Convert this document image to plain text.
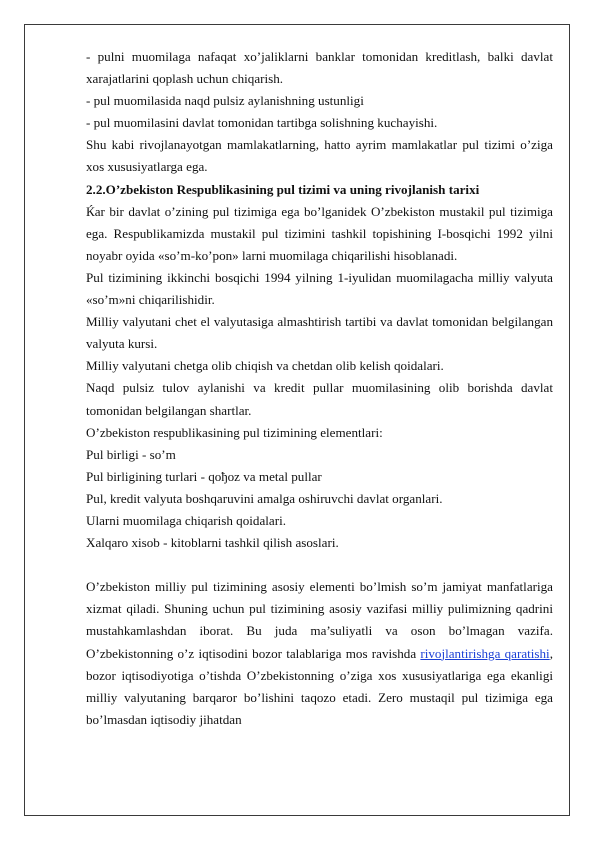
- pulni muomilaga nafaqat xo’jaliklarni banklar tomonidan kreditlash, balki davlat xarajatlarini qoplash uchun chiqarish.

- pul muomilasida naqd pulsiz aylanishning ustunligi

- pul muomilasini davlat tomonidan tartibga solishning kuchayishi.

Shu kabi rivojlanayotgan mamlakatlarning, hatto ayrim mamlakatlar pul tizimi o’ziga xos xususiyatlarga ega.

2.2.O’zbekiston Respublikasining pul tizimi va uning rivojlanish tarixi

Ќar bir davlat o’zining pul tizimiga ega bo’lganidek O’zbekiston mustakil pul tizimiga ega. Respublikamizda mustakil pul tizimini tashkil topishining I-bosqichi 1992 yilni noyabr oyida «so’m-ko’pon» larni muomilaga chiqarilishi hisoblanadi.

Pul tizimining ikkinchi bosqichi 1994 yilning 1-iyulidan muomilagacha milliy valyuta «so’m»ni chiqarilishidir.

Milliy valyutani chet el valyutasiga almashtirish tartibi va davlat tomonidan belgilangan valyuta kursi.

Milliy valyutani chetga olib chiqish va chetdan olib kelish qoidalari.

Naqd pulsiz tulov aylanishi va kredit pullar muomilasining olib borishda davlat tomonidan belgilangan shartlar.

O’zbekiston respublikasining pul tizimining elementlari:

Pul birligi - so’m

Pul birligining turlari - qoђoz va metal pullar

Pul, kredit valyuta boshqaruvini amalga oshiruvchi davlat organlari.

Ularni muomilaga chiqarish qoidalari.

Xalqaro xisob - kitoblarni tashkil qilish asoslari.

O’zbekiston milliy pul tizimining asosiy elementi bo’lmish so’m jamiyat manfatlariga xizmat qiladi. Shuning uchun pul tizimining asosiy vazifasi milliy pulimizning qadrini mustahkamlashdan iborat. Bu juda ma’suliyatli va oson bo’lmagan vazifa. O’zbekistonning o’z iqtisodini bozor talablariga mos ravishda rivojlantirishga qaratishi, bozor iqtisodiyotiga o’tishda O’zbekistonning o’ziga xos xususiyatlariga ega ekanligi milliy valyutaning barqaror bo’lishini taqozo etadi. Zero mustaqil pul tizimiga ega bo’lmasdan iqtisodiy jihatdan
